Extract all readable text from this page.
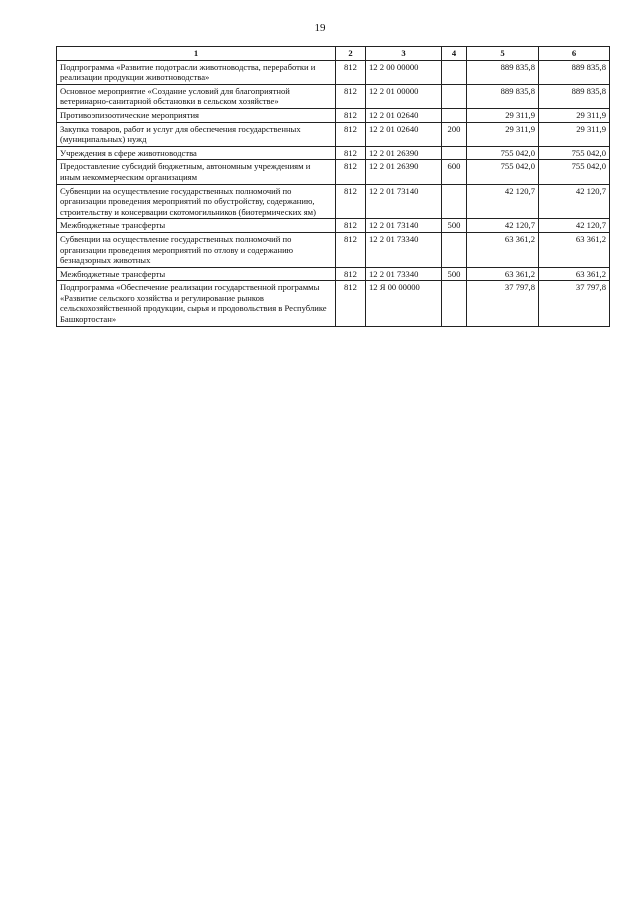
19
1	2	3	4	5	6
Подпрограмма «Развитие подотрасли животноводства, переработки и реализации продукции животноводства»	812	12 2 00 00000		889 835,8	889 835,8
Основное мероприятие «Создание условий для благоприятной ветеринарно-санитарной обстановки в сельском хозяйстве»	812	12 2 01 00000		889 835,8	889 835,8
Противоэпизоотические мероприятия	812	12 2 01 02640		29 311,9	29 311,9
Закупка товаров, работ и услуг для обеспечения государственных (муниципальных) нужд	812	12 2 01 02640	200	29 311,9	29 311,9
Учреждения в сфере животноводства	812	12 2 01 26390		755 042,0	755 042,0
Предоставление субсидий бюджетным, автономным учреждениям и иным некоммерческим организациям	812	12 2 01 26390	600	755 042,0	755 042,0
Субвенции на осуществление государственных полномочий по организации проведения мероприятий по обустройству, содержанию, строительству и консервации скотомогильников (биотермических ям)	812	12 2 01 73140		42 120,7	42 120,7
Межбюджетные трансферты	812	12 2 01 73140	500	42 120,7	42 120,7
Субвенции на осуществление государственных полномочий по организации проведения мероприятий по отлову и содержанию безнадзорных животных	812	12 2 01 73340		63 361,2	63 361,2
Межбюджетные трансферты	812	12 2 01 73340	500	63 361,2	63 361,2
Подпрограмма «Обеспечение реализации государственной программы «Развитие сельского хозяйства и регулирование рынков сельскохозяйственной продукции, сырья и продовольствия в Республике Башкортостан»	812	12 Я 00 00000		37 797,8	37 797,8
